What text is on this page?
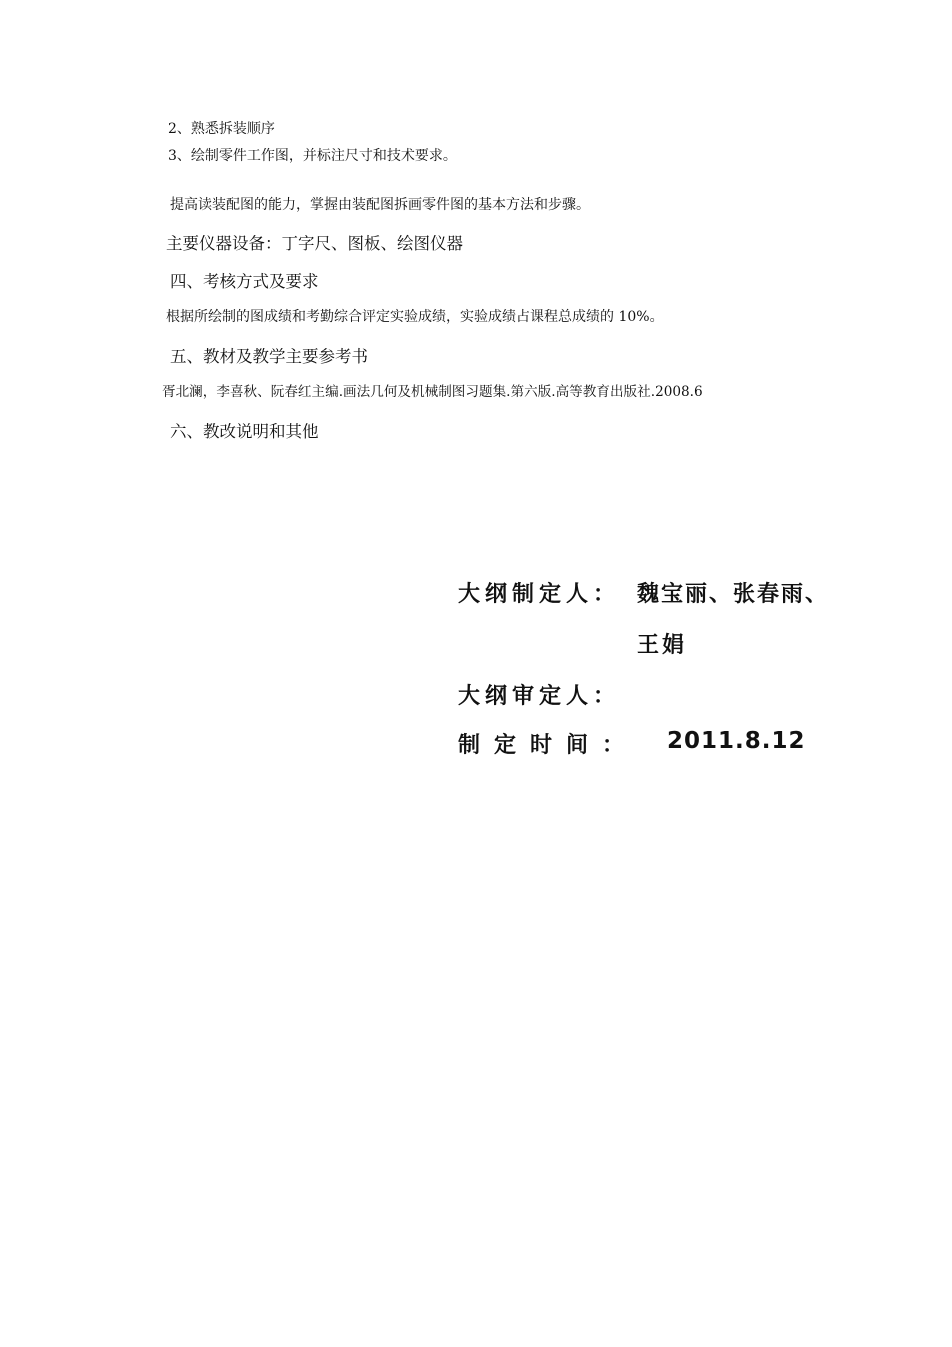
2、熟悉拆装顺序
3、绘制零件工作图，并标注尺寸和技术要求。
提高读装配图的能力，掌握由装配图拆画零件图的基本方法和步骤。
主要仪器设备：丁字尺、图板、绘图仪器
四、考核方式及要求
根据所绘制的图成绩和考勤综合评定实验成绩，实验成绩占课程总成绩的 10%。
五、教材及教学主要参考书
胥北澜，李喜秋、阮春红主编.画法几何及机械制图习题集.第六版.高等教育出版社.2008.6
六、教改说明和其他
大纲制定人： 魏宝丽、张春雨、
王娟
大纲审定人：
制定时间： 2011.8.12
